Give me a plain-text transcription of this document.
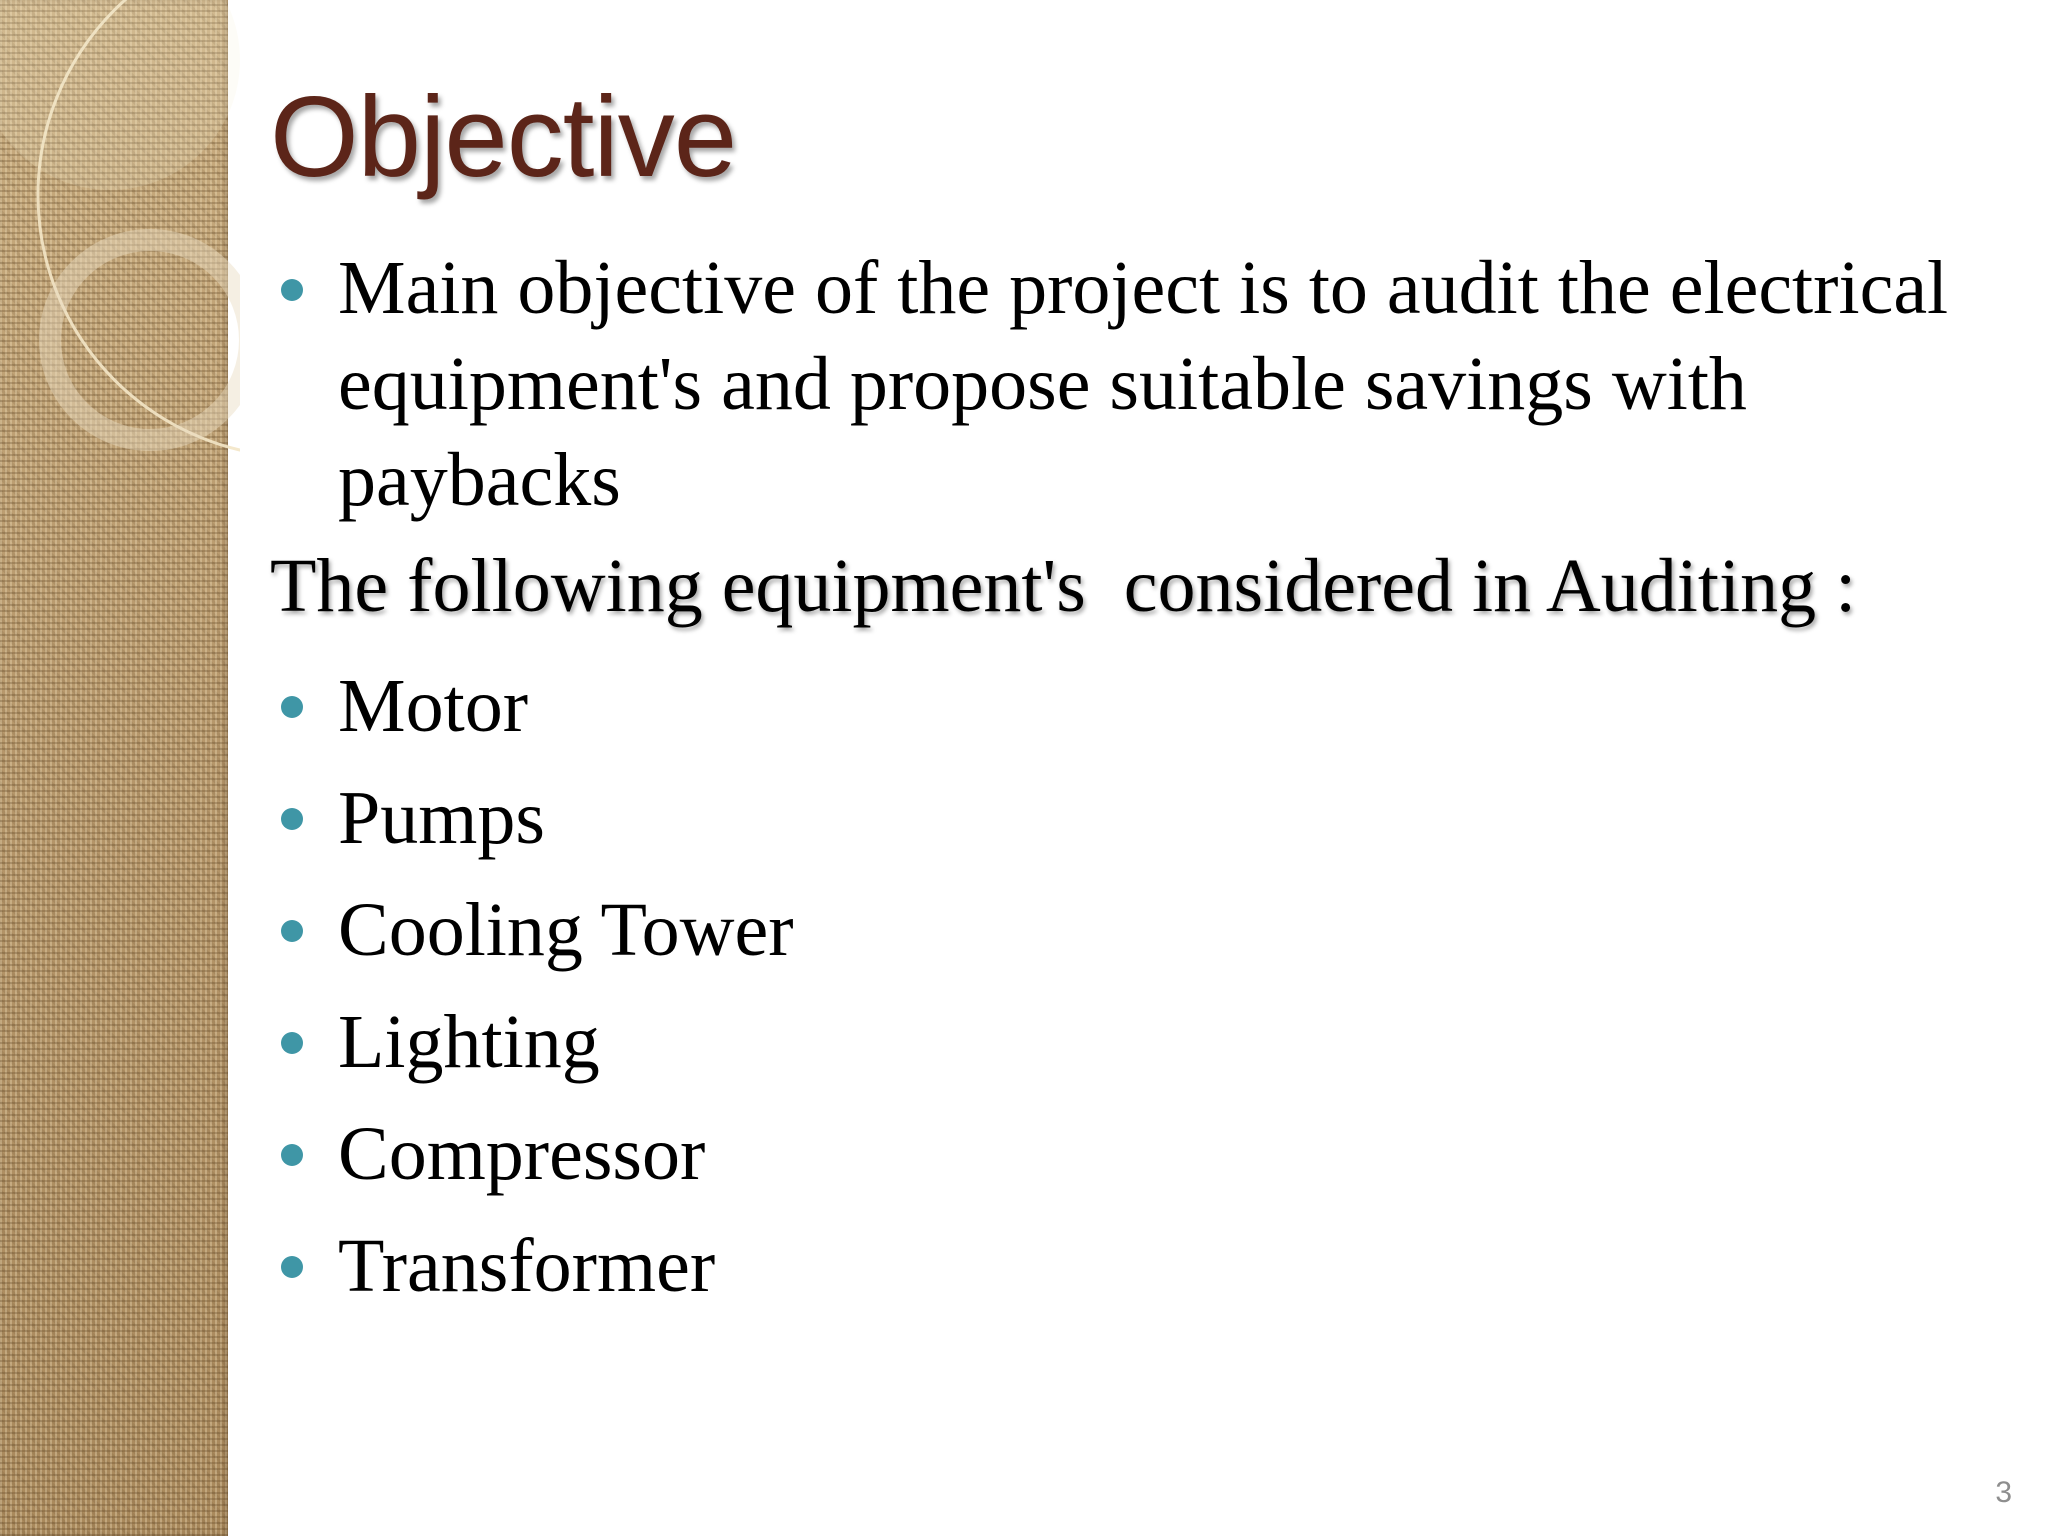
Objective
Main objective of the project is to audit the electrical equipment's and propose suitable savings with paybacks
The following equipment's  considered in Auditing :
Motor
Pumps
Cooling Tower
Lighting
Compressor
Transformer
3
